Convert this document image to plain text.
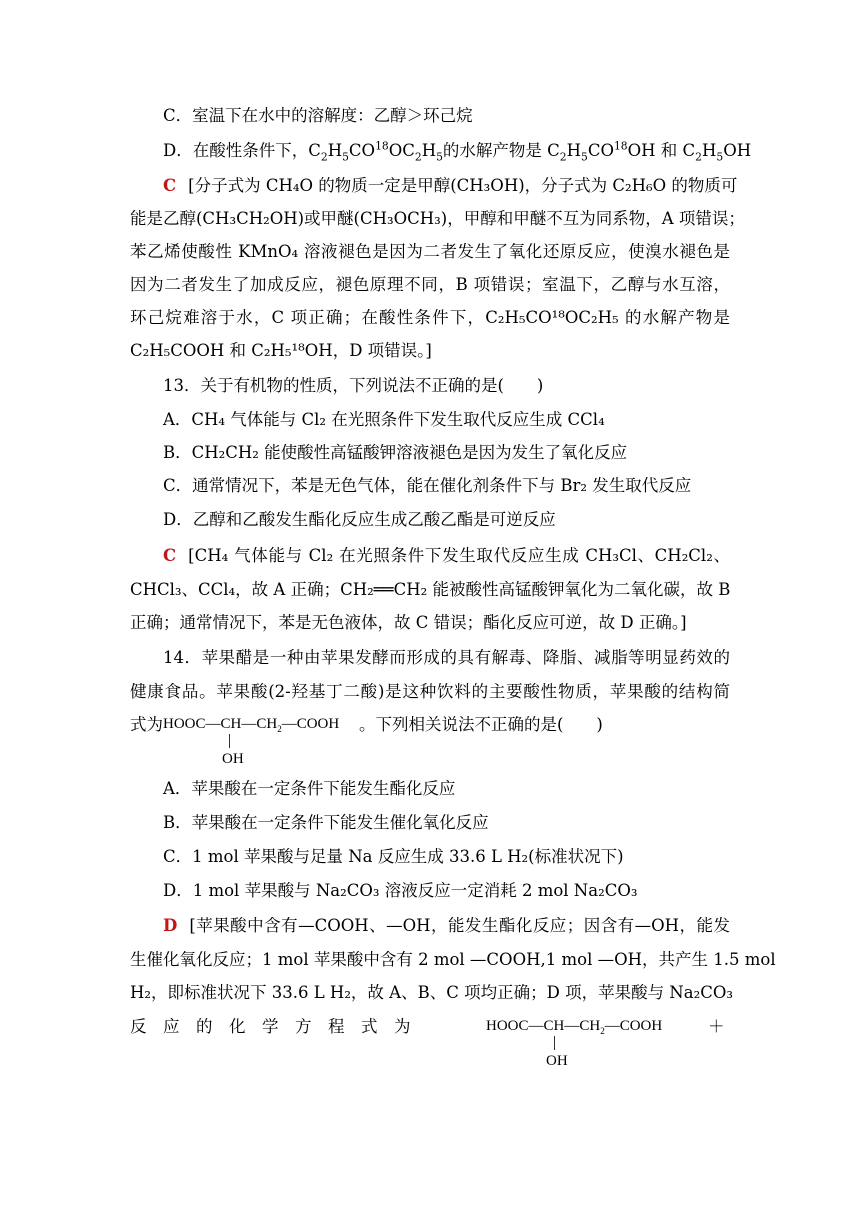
C．室温下在水中的溶解度：乙醇＞环己烷
D．在酸性条件下，$C_2H_5CO^{18}OC_2H_5$的水解产物是 $C_2H_5CO^{18}OH$ 和 $C_2H_5OH$
C [分子式为 CH₄O 的物质一定是甲醇(CH₃OH)，分子式为 C₂H₆O 的物质可
能是乙醇(CH₃CH₂OH)或甲醚(CH₃OCH₃)，甲醇和甲醚不互为同系物，A 项错误；
苯乙烯使酸性 KMnO₄ 溶液褪色是因为二者发生了氧化还原反应，使溴水褪色是
因为二者发生了加成反应，褪色原理不同，B 项错误；室温下，乙醇与水互溶，
环己烷难溶于水，C 项正确；在酸性条件下，C₂H₅CO¹⁸OC₂H₅ 的水解产物是
C₂H₅COOH 和 C₂H₅¹⁸OH，D 项错误。]
13．关于有机物的性质，下列说法不正确的是(　　)
A．CH₄ 气体能与 Cl₂ 在光照条件下发生取代反应生成 CCl₄
B．CH₂CH₂ 能使酸性高锰酸钾溶液褪色是因为发生了氧化反应
C．通常情况下，苯是无色气体，能在催化剂条件下与 Br₂ 发生取代反应
D．乙醇和乙酸发生酯化反应生成乙酸乙酯是可逆反应
C [CH₄ 气体能与 Cl₂ 在光照条件下发生取代反应生成 CH₃Cl、CH₂Cl₂、
CHCl₃、CCl₄，故 A 正确；CH₂══CH₂ 能被酸性高锰酸钾氧化为二氧化碳，故 B
正确；通常情况下，苯是无色液体，故 C 错误；酯化反应可逆，故 D 正确。]
14．苹果醋是一种由苹果发酵而形成的具有解毒、降脂、减脂等明显药效的
健康食品。苹果酸(2-羟基丁二酸)是这种饮料的主要酸性物质，苹果酸的结构简
式为$HOOC—CH—CH_2—COOH$
OH
。下列相关说法不正确的是(　　)
A．苹果酸在一定条件下能发生酯化反应
B．苹果酸在一定条件下能发生催化氧化反应
C．1 mol 苹果酸与足量 Na 反应生成 33.6 L H₂(标准状况下)
D．1 mol 苹果酸与 Na₂CO₃ 溶液反应一定消耗 2 mol Na₂CO₃
D [苹果酸中含有—COOH、—OH，能发生酯化反应；因含有—OH，能发
生催化氧化反应；1 mol 苹果酸中含有 2 mol —COOH,1 mol —OH，共产生 1.5 mol
H₂，即标准状况下 33.6 L H₂，故 A、B、C 项均正确；D 项，苹果酸与 Na₂CO₃
反　应　的　化　学　方　程　式　为	$HOOC—CH—CH_2—COOH$
OH
＋
